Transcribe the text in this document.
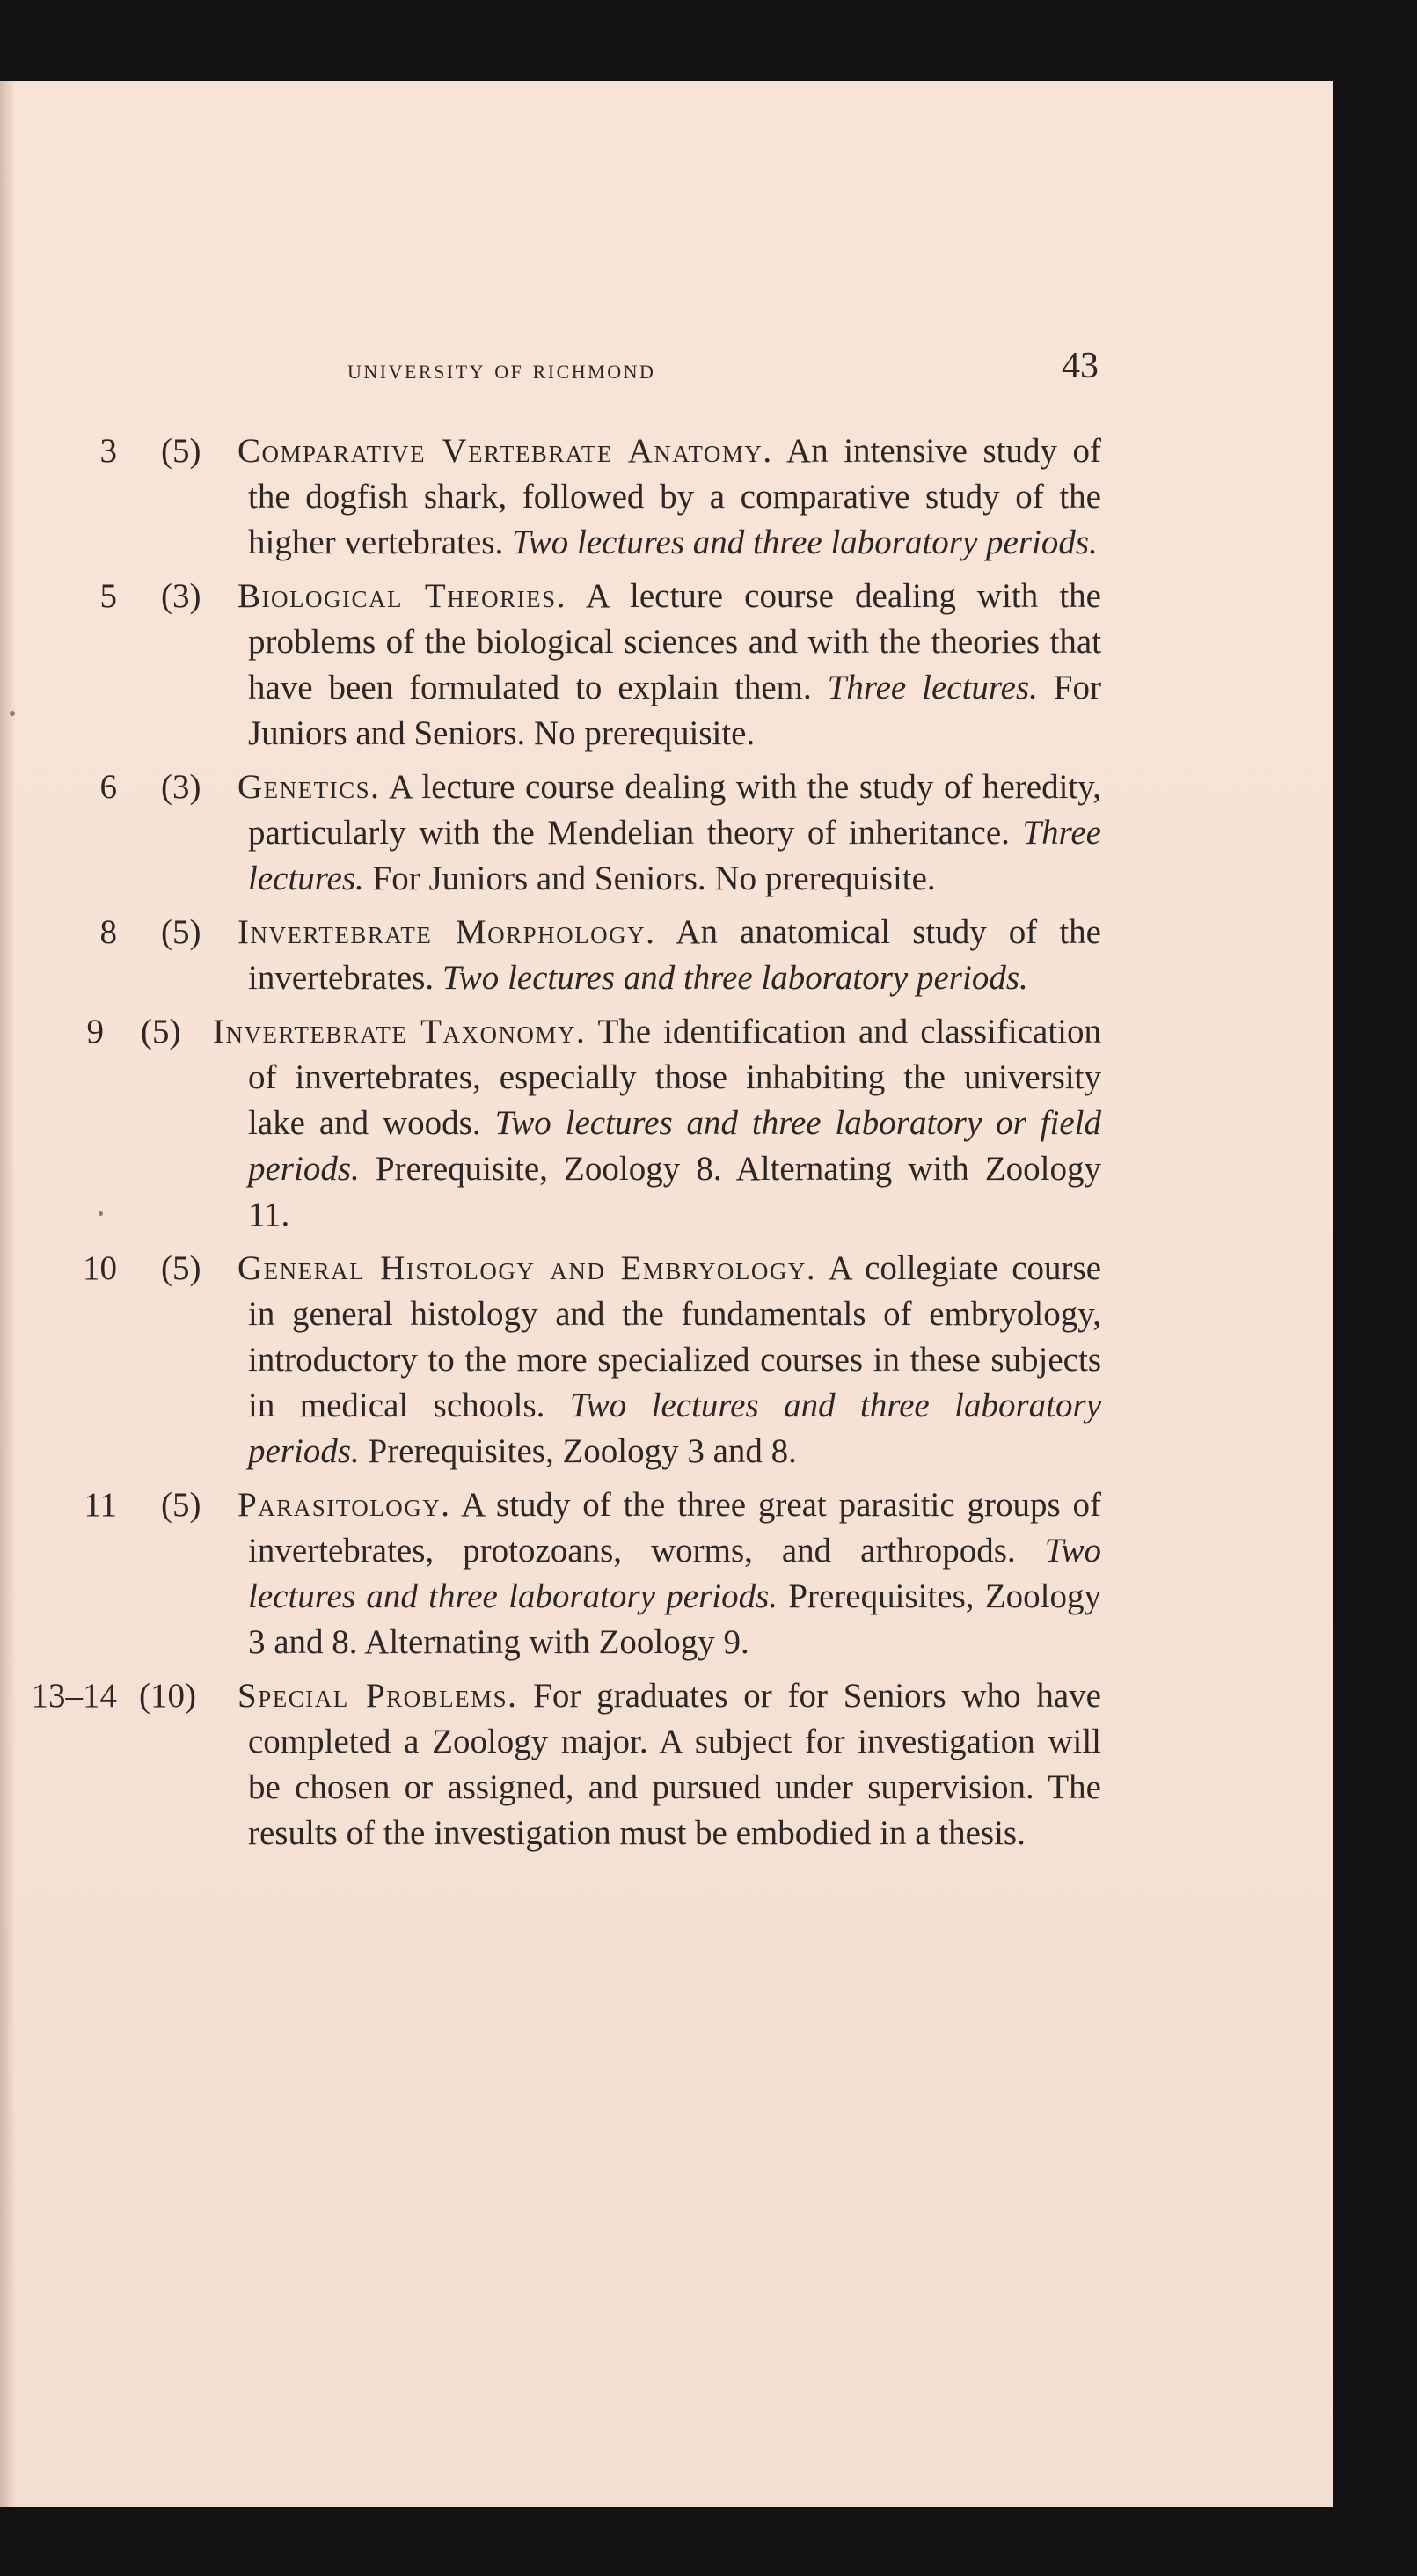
university of richmond	43
3 (5) Comparative Vertebrate Anatomy. An intensive study of the dogfish shark, followed by a comparative study of the higher vertebrates. Two lectures and three laboratory periods.
5 (3) Biological Theories. A lecture course dealing with the problems of the biological sciences and with the theories that have been formulated to explain them. Three lectures. For Juniors and Seniors. No prerequisite.
6 (3) Genetics. A lecture course dealing with the study of heredity, particularly with the Mendelian theory of inheritance. Three lectures. For Juniors and Seniors. No prerequisite.
8 (5) Invertebrate Morphology. An anatomical study of the invertebrates. Two lectures and three laboratory periods.
9 (5) Invertebrate Taxonomy. The identification and classification of invertebrates, especially those inhabiting the university lake and woods. Two lectures and three laboratory or field periods. Prerequisite, Zoology 8. Alternating with Zoology 11.
10 (5) General Histology and Embryology. A collegiate course in general histology and the fundamentals of embryology, introductory to the more specialized courses in these subjects in medical schools. Two lectures and three laboratory periods. Prerequisites, Zoology 3 and 8.
11 (5) Parasitology. A study of the three great parasitic groups of invertebrates, protozoans, worms, and arthropods. Two lectures and three laboratory periods. Prerequisites, Zoology 3 and 8. Alternating with Zoology 9.
13–14 (10) Special Problems. For graduates or for Seniors who have completed a Zoology major. A subject for investigation will be chosen or assigned, and pursued under supervision. The results of the investigation must be embodied in a thesis.
